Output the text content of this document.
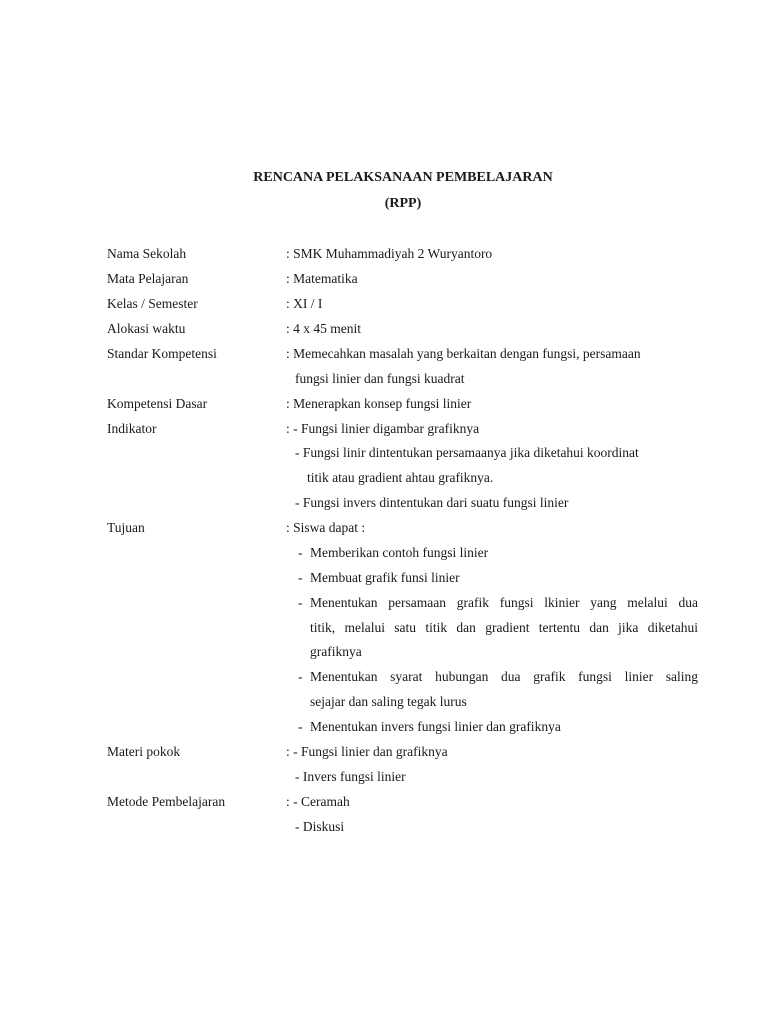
RENCANA PELAKSANAAN PEMBELAJARAN
(RPP)
Nama Sekolah	: SMK Muhammadiyah 2 Wuryantoro
Mata Pelajaran	: Matematika
Kelas / Semester	: XI / I
Alokasi waktu	: 4 x 45 menit
Standar Kompetensi	: Memecahkan masalah yang berkaitan dengan fungsi, persamaan
fungsi linier dan fungsi kuadrat
Kompetensi Dasar	: Menerapkan konsep fungsi linier
Indikator	: - Fungsi linier digambar grafiknya
- Fungsi linir dintentukan persamaanya jika diketahui koordinat
titik atau gradient ahtau grafiknya.
- Fungsi invers dintentukan dari suatu fungsi linier
Tujuan	: Siswa dapat :
- Memberikan contoh fungsi linier
- Membuat grafik funsi linier
- Menentukan persamaan grafik fungsi lkinier yang melalui dua
titik, melalui satu titik dan gradient tertentu dan jika diketahui
grafiknya
- Menentukan syarat hubungan dua grafik fungsi linier saling
sejajar dan saling tegak lurus
- Menentukan invers fungsi linier dan grafiknya
Materi pokok	: - Fungsi linier dan grafiknya
- Invers fungsi linier
Metode Pembelajaran	: - Ceramah
- Diskusi
